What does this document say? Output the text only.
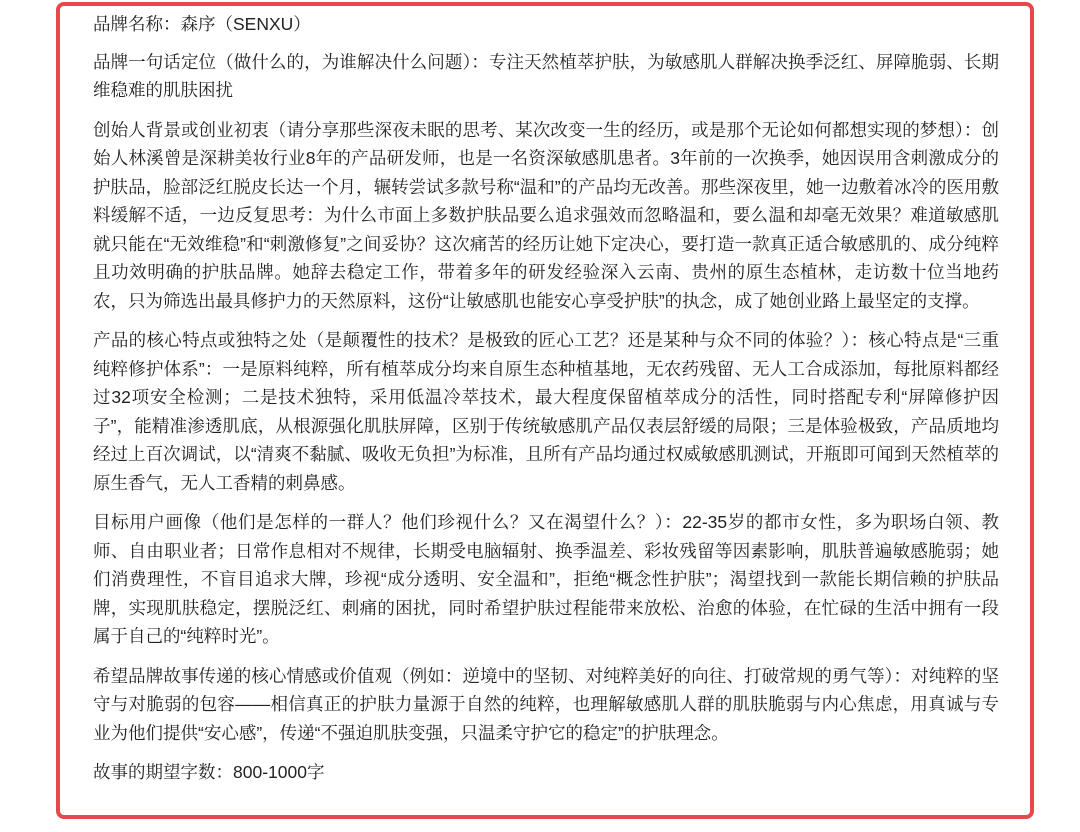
品牌名称：森序（SENXU）

品牌一句话定位（做什么的，为谁解决什么问题）：专注天然植萃护肤，为敏感肌人群解决换季泛红、屏障脆弱、长期维稳难的肌肤困扰

创始人背景或创业初衷（请分享那些深夜未眠的思考、某次改变一生的经历，或是那个无论如何都想实现的梦想）：创始人林溪曾是深耕美妆行业8年的产品研发师，也是一名资深敏感肌患者。3年前的一次换季，她因误用含刺激成分的护肤品，脸部泛红脱皮长达一个月，辗转尝试多款号称“温和”的产品均无改善。那些深夜里，她一边敷着冰冷的医用敷料缓解不适，一边反复思考：为什么市面上多数护肤品要么追求强效而忽略温和，要么温和却毫无效果？难道敏感肌就只能在“无效维稳”和“刺激修复”之间妥协？这次痛苦的经历让她下定决心，要打造一款真正适合敏感肌的、成分纯粹且功效明确的护肤品牌。她辞去稳定工作，带着多年的研发经验深入云南、贵州的原生态植林，走访数十位当地药农，只为筛选出最具修护力的天然原料，这份“让敏感肌也能安心享受护肤”的执念，成了她创业路上最坚定的支撑。

产品的核心特点或独特之处（是颠覆性的技术？是极致的匠心工艺？还是某种与众不同的体验？）：核心特点是“三重纯粹修护体系”：一是原料纯粹，所有植萃成分均来自原生态种植基地，无农药残留、无人工合成添加，每批原料都经过32项安全检测；二是技术独特，采用低温冷萃技术，最大程度保留植萃成分的活性，同时搭配专利“屏障修护因子”，能精准渗透肌底，从根源强化肌肤屏障，区别于传统敏感肌产品仅表层舒缓的局限；三是体验极致，产品质地均经过上百次调试，以“清爽不黏腻、吸收无负担”为标准，且所有产品均通过权威敏感肌测试，开瓶即可闻到天然植萃的原生香气，无人工香精的刺鼻感。

目标用户画像（他们是怎样的一群人？他们珍视什么？又在渴望什么？）：22-35岁的都市女性，多为职场白领、教师、自由职业者；日常作息相对不规律，长期受电脑辐射、换季温差、彩妆残留等因素影响，肌肤普遍敏感脆弱；她们消费理性，不盲目追求大牌，珍视“成分透明、安全温和”，拒绝“概念性护肤”；渴望找到一款能长期信赖的护肤品牌，实现肌肤稳定，摆脱泛红、刺痛的困扰，同时希望护肤过程能带来放松、治愈的体验，在忙碌的生活中拥有一段属于自己的“纯粹时光”。

希望品牌故事传递的核心情感或价值观（例如：逆境中的坚韧、对纯粹美好的向往、打破常规的勇气等）：对纯粹的坚守与对脆弱的包容——相信真正的护肤力量源于自然的纯粹，也理解敏感肌人群的肌肤脆弱与内心焦虑，用真诚与专业为他们提供“安心感”，传递“不强迫肌肤变强，只温柔守护它的稳定”的护肤理念。

故事的期望字数：800-1000字
